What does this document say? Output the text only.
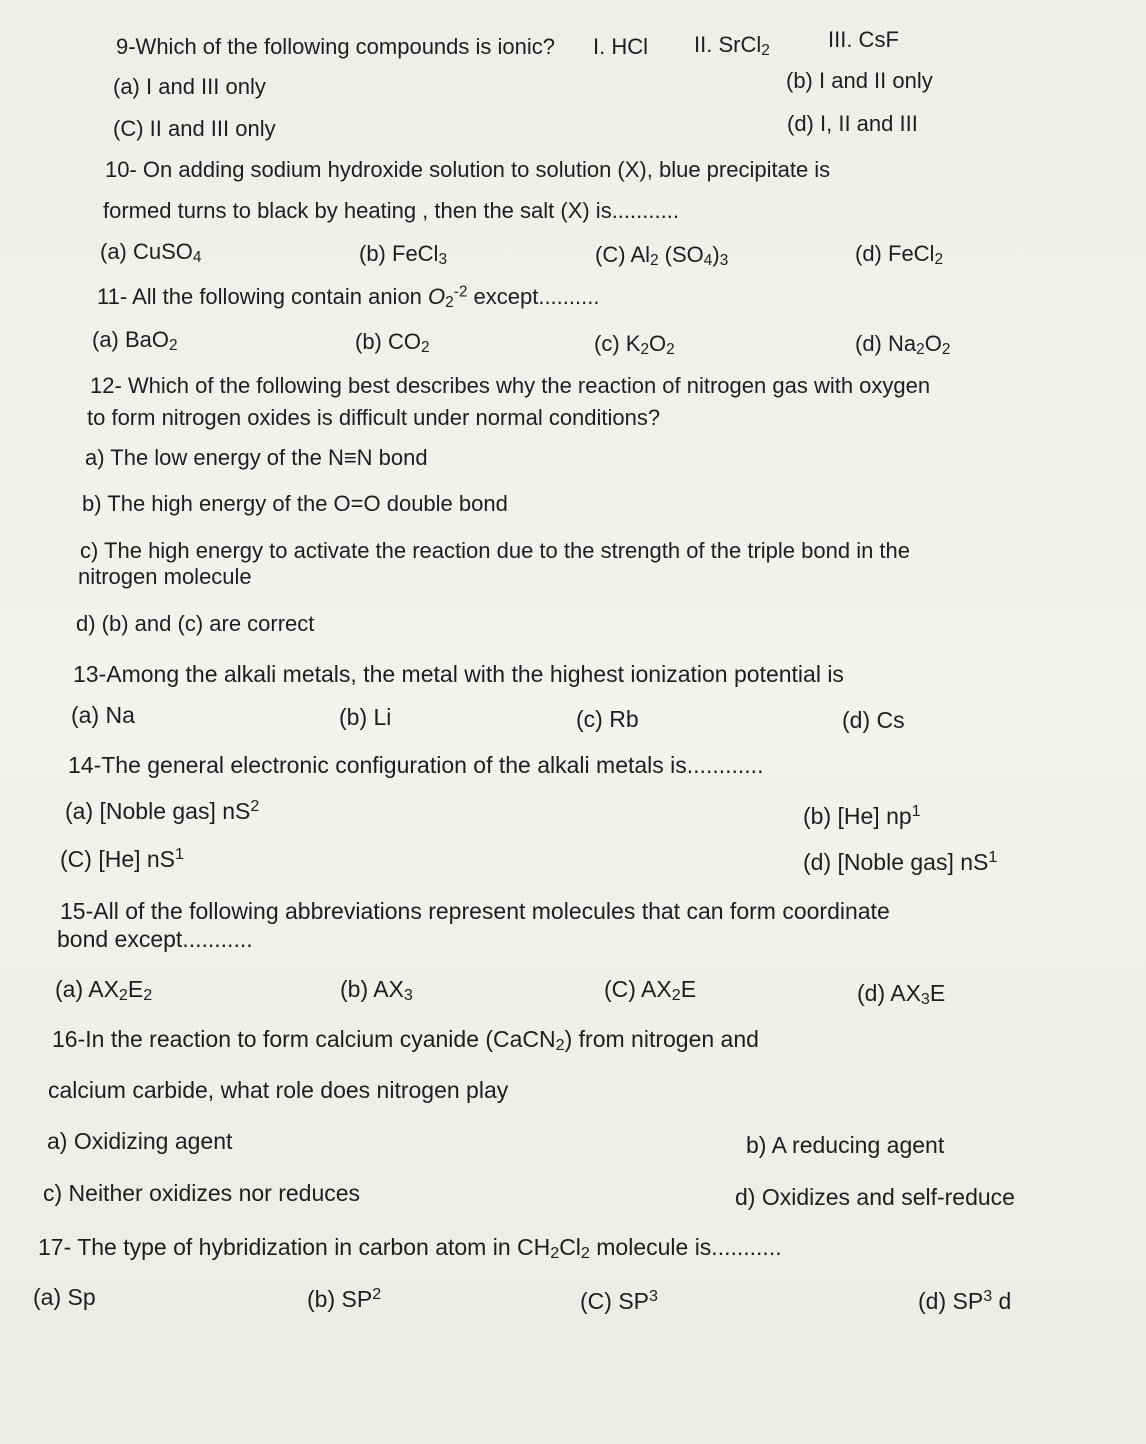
9-Which of the following compounds is ionic? I. HCl II. SrCl$_2$	III. CsF
(a) I and III only	(b) I and II only
(C) II and III only	(d) I, II and III
10- On adding sodium hydroxide solution to solution (X), blue precipitate is
formed turns to black by heating , then the salt (X) is...........
(a) CuSO$_4$	(b) FeCl$_3$	(C) $Al_2$ $(SO_4)_3$	(d) FeCl$_2$
11- All the following contain anion $O_2^{-2}$ except..........
(a) BaO$_2$	(b) $CO_2$	(c) $K_2O_2$	(d) $Na_2O_2$
12- Which of the following best describes why the reaction of nitrogen gas with oxygen
to form nitrogen oxides is difficult under normal conditions?
a) The low energy of the N≡N bond
b) The high energy of the O=O double bond
c) The high energy to activate the reaction due to the strength of the triple bond in the
nitrogen molecule
d) (b) and (c) are correct
13-Among the alkali metals, the metal with the highest ionization potential is
(a) Na	(b) Li	(c) Rb	(d) Cs
14-The general electronic configuration of the alkali metals is............
(a) [Noble gas] $nS^2$	(b) [He] $np^1$
(C) [He] $nS^1$	(d) [Noble gas] $nS^1$
15-All of the following abbreviations represent molecules that can form coordinate
bond except...........
(a) $AX_2E_2$	(b) $AX_3$	(C) $AX_2E$	(d) $AX_3E$
16-In the reaction to form calcium cyanide (CaCN$_2$) from nitrogen and
calcium carbide, what role does nitrogen play
a) Oxidizing agent	b) A reducing agent
c) Neither oxidizes nor reduces	d) Oxidizes and self-reduce
17- The type of hybridization in carbon atom in $CH_2Cl_2$ molecule is...........
(a) Sp	(b) $SP^2$	(C) $SP^3$	(d) $SP^3$ d
